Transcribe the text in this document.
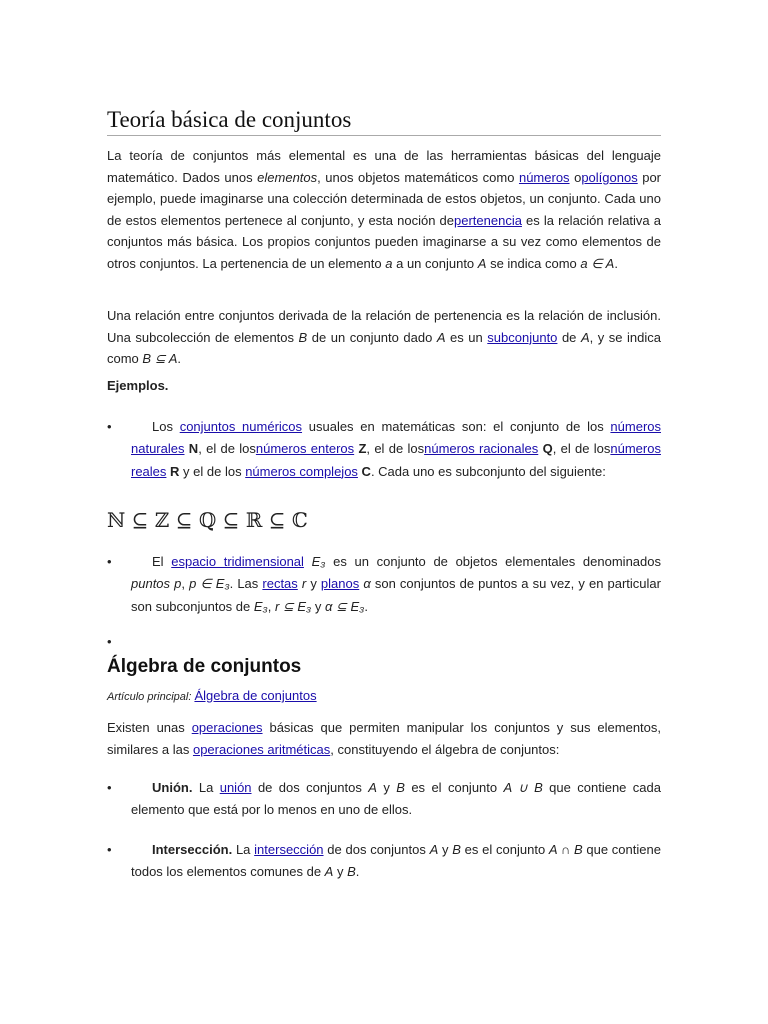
Teoría básica de conjuntos

La teoría de conjuntos más elemental es una de las herramientas básicas del lenguaje matemático. Dados unos elementos, unos objetos matemáticos como números opolígonos por ejemplo, puede imaginarse una colección determinada de estos objetos, un conjunto. Cada uno de estos elementos pertenece al conjunto, y esta noción depertenencia es la relación relativa a conjuntos más básica. Los propios conjuntos pueden imaginarse a su vez como elementos de otros conjuntos. La pertenencia de un elemento a a un conjunto A se indica como a ∈ A.

Una relación entre conjuntos derivada de la relación de pertenencia es la relación de inclusión. Una subcolección de elementos B de un conjunto dado A es un subconjunto de A, y se indica como B ⊆ A.

Ejemplos.
•	Los conjuntos numéricos usuales en matemáticas son: el conjunto de los números naturales N, el de losnúmeros enteros Z, el de losnúmeros racionales Q, el de losnúmeros reales R y el de los números complejos C. Cada uno es subconjunto del siguiente:
ℕ ⊆ ℤ ⊆ ℚ ⊆ ℝ ⊆ ℂ
•	El espacio tridimensional E₃ es un conjunto de objetos elementales denominados puntos p, p ∈ E₃. Las rectas r y planos α son conjuntos de puntos a su vez, y en particular son subconjuntos de E₃, r ⊆ E₃ y α ⊆ E₃.
•
Álgebra de conjuntos
Artículo principal: Álgebra de conjuntos

Existen unas operaciones básicas que permiten manipular los conjuntos y sus elementos, similares a las operaciones aritméticas, constituyendo el álgebra de conjuntos:

•	Unión. La unión de dos conjuntos A y B es el conjunto A ∪ B que contiene cada elemento que está por lo menos en uno de ellos.
•	Intersección. La intersección de dos conjuntos A y B es el conjunto A ∩ B que contiene todos los elementos comunes de A y B.
